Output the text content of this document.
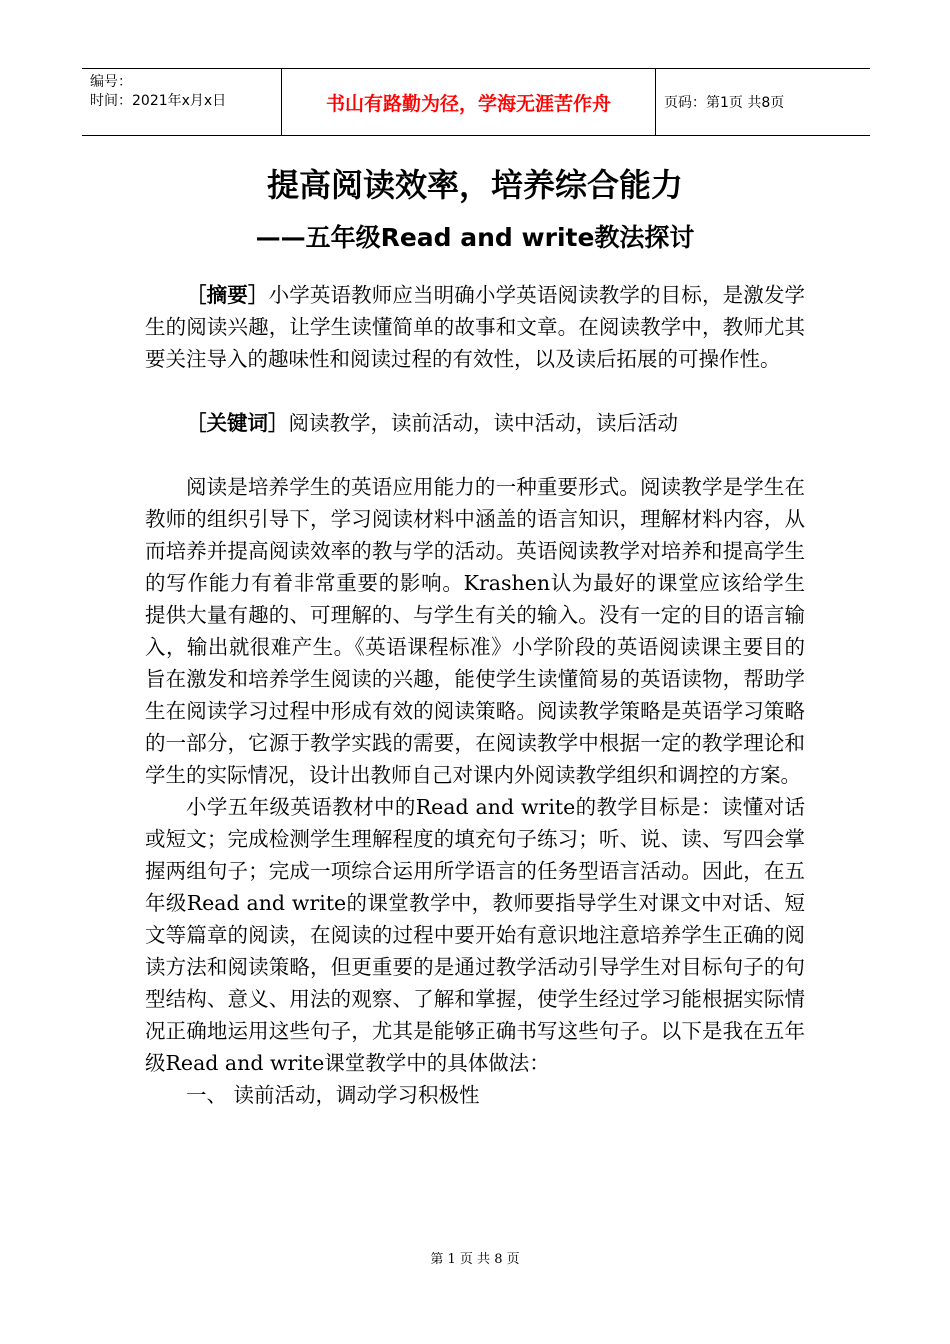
编号：
时间：2021年x月x日	书山有路勤为径，学海无涯苦作舟	页码：第1页 共8页
提高阅读效率，培养综合能力
——五年级Read and write教法探讨

［摘要］小学英语教师应当明确小学英语阅读教学的目标，是激发学生的阅读兴趣，让学生读懂简单的故事和文章。在阅读教学中，教师尤其要关注导入的趣味性和阅读过程的有效性，以及读后拓展的可操作性。

［关键词］阅读教学，读前活动，读中活动，读后活动

阅读是培养学生的英语应用能力的一种重要形式。阅读教学是学生在教师的组织引导下，学习阅读材料中涵盖的语言知识，理解材料内容，从而培养并提高阅读效率的教与学的活动。英语阅读教学对培养和提高学生的写作能力有着非常重要的影响。Krashen认为最好的课堂应该给学生提供大量有趣的、可理解的、与学生有关的输入。没有一定的目的语言输入，输出就很难产生。《英语课程标准》小学阶段的英语阅读课主要目的旨在激发和培养学生阅读的兴趣，能使学生读懂简易的英语读物，帮助学生在阅读学习过程中形成有效的阅读策略。阅读教学策略是英语学习策略的一部分，它源于教学实践的需要，在阅读教学中根据一定的教学理论和学生的实际情况，设计出教师自己对课内外阅读教学组织和调控的方案。

小学五年级英语教材中的Read and write的教学目标是：读懂对话或短文；完成检测学生理解程度的填充句子练习；听、说、读、写四会掌握两组句子；完成一项综合运用所学语言的任务型语言活动。因此，在五年级Read and write的课堂教学中，教师要指导学生对课文中对话、短文等篇章的阅读，在阅读的过程中要开始有意识地注意培养学生正确的阅读方法和阅读策略，但更重要的是通过教学活动引导学生对目标句子的句型结构、意义、用法的观察、了解和掌握，使学生经过学习能根据实际情况正确地运用这些句子，尤其是能够正确书写这些句子。以下是我在五年级Read and write课堂教学中的具体做法：

一、 读前活动，调动学习积极性

第 1 页 共 8 页
